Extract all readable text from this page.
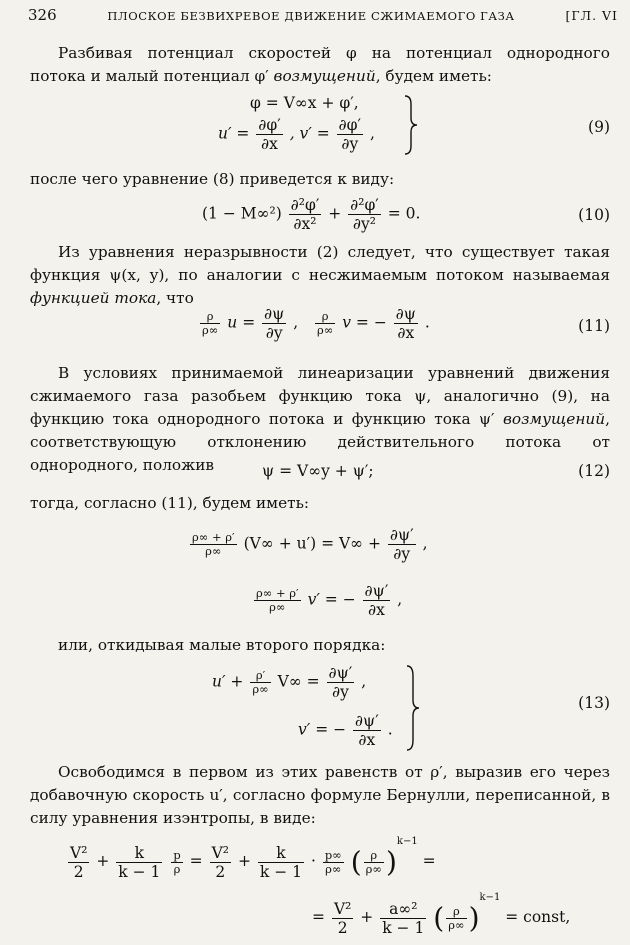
326	ПЛОСКОЕ БЕЗВИХРЕВОЕ ДВИЖЕНИЕ СЖИМАЕМОГО ГАЗА	[ГЛ. VI

Разбивая потенциал скоростей φ на потенциал однородного потока и малый потенциал φ′ возмущений, будем иметь:

φ = V∞x + φ′,
$u' = \frac{\partial\varphi'}{\partial x}$ , $v' = \frac{\partial\varphi'}{\partial y}$ ,	(9)

после чего уравнение (8) приведется к виду:

$(1 - M\infty^2) \frac{\text{∂²φ′}}{\text{∂x²}} + \frac{\text{∂²φ′}}{\text{∂y²}} = 0$.	(10)

Из уравнения неразрывности (2) следует, что существует такая функция ψ(x, y), по аналогии с несжимаемым потоком называемая функцией тока, что

$\frac{\rho}{\rho\infty}$ $u = \frac{\partial\psi}{\partial y}$ , $\frac{\rho}{\rho\infty}$ v = − $\frac{\partial\psi}{\partial x}$ .	(11)

В условиях принимаемой линеаризации уравнений движения сжимаемого газа разобьем функцию тока ψ, аналогично (9), на функцию тока однородного потока и функцию тока ψ′ возмущений, соответствующую отклонению действительного потока от однородного, положив	ψ = V∞y + ψ′;	(12)

тогда, согласно (11), будем иметь:

$\frac{\rho\infty + \rho'}{\rho\infty} (V\infty + u') = V\infty + \frac{\partial\psi'}{\partial y}$ ,
$\frac{\rho\infty + \rho'}{\rho\infty} v'$ = − $\frac{\partial\psi'}{\partial x}$ ,

или, откидывая малые второго порядка:

$u' + \frac{\rho'}{\rho\infty} V\infty = \frac{\partial\psi'}{\partial y}$ ,
v′ = − $\frac{\partial\psi'}{\partial x}$ .
(13)

Освободимся в первом из этих равенств от ρ′, выразив его через добавочную скорость u′, согласно формуле Бернулли, переписанной, в силу уравнения изэнтропы, в виде:

$\frac{\text{V²}}{2} + \frac{k}{k - 1}$
$\frac{p}{\rho} = \frac{\text{V²}}{2} + \frac{k}{k - 1} \cdot \frac{p\infty}{\rho\infty}$ ( $\frac{\rho}{\rho\infty} )^{k-1}$ =
= $\frac{\text{V²}}{2} + \frac{\text{a∞²}}{k - 1}$ ( $\frac{\rho}{\rho\infty} )^{k-1}$ = const,
